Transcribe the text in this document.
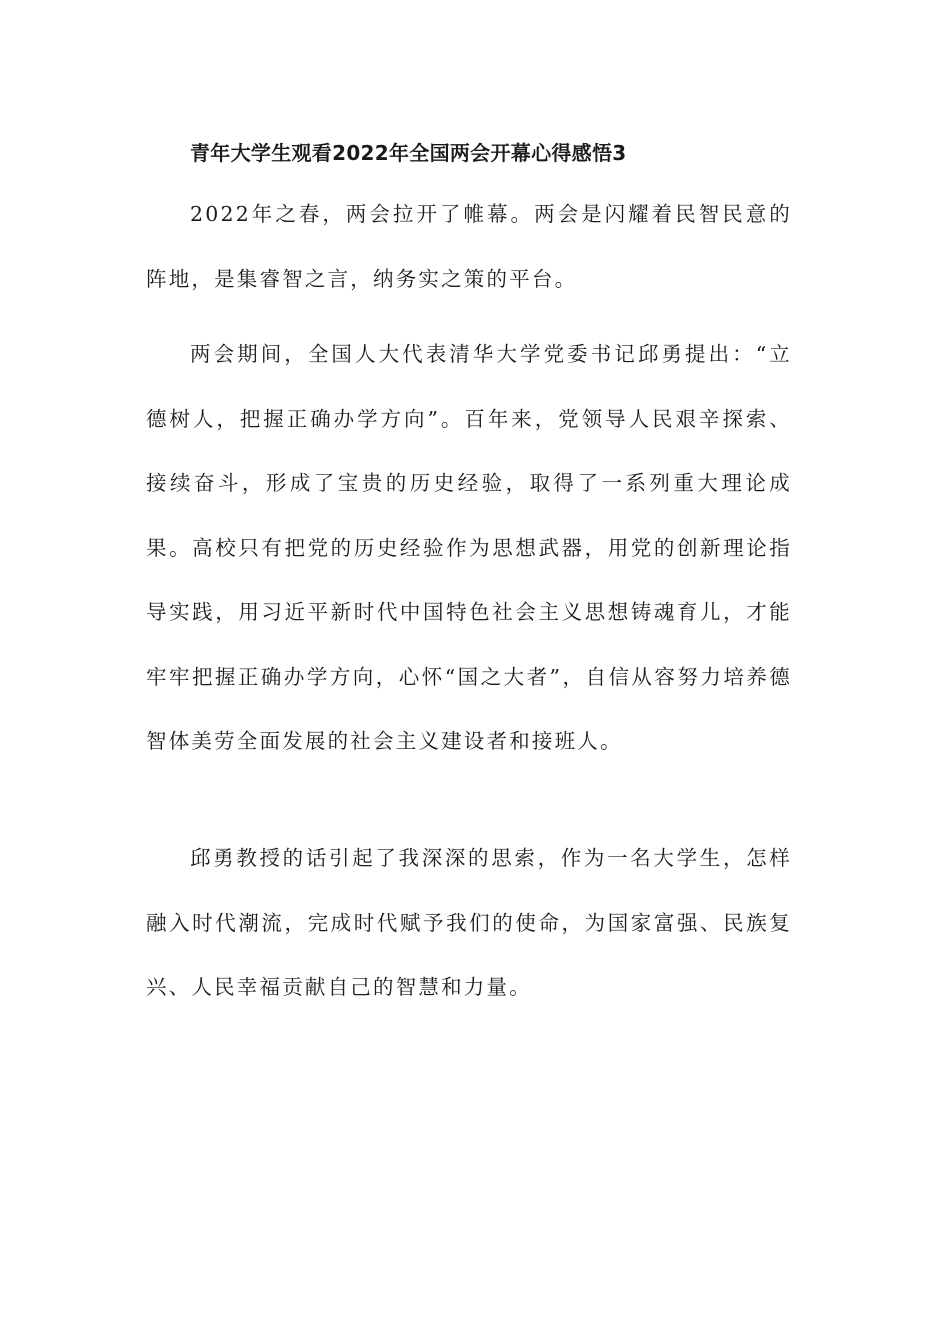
青年大学生观看2022年全国两会开幕心得感悟3

2022年之春，两会拉开了帷幕。两会是闪耀着民智民意的阵地，是集睿智之言，纳务实之策的平台。

两会期间，全国人大代表清华大学党委书记邱勇提出：“立德树人，把握正确办学方向”。百年来，党领导人民艰辛探索、接续奋斗，形成了宝贵的历史经验，取得了一系列重大理论成果。高校只有把党的历史经验作为思想武器，用党的创新理论指导实践，用习近平新时代中国特色社会主义思想铸魂育儿，才能牢牢把握正确办学方向，心怀“国之大者”，自信从容努力培养德智体美劳全面发展的社会主义建设者和接班人。

邱勇教授的话引起了我深深的思索，作为一名大学生，怎样融入时代潮流，完成时代赋予我们的使命，为国家富强、民族复兴、人民幸福贡献自己的智慧和力量。
